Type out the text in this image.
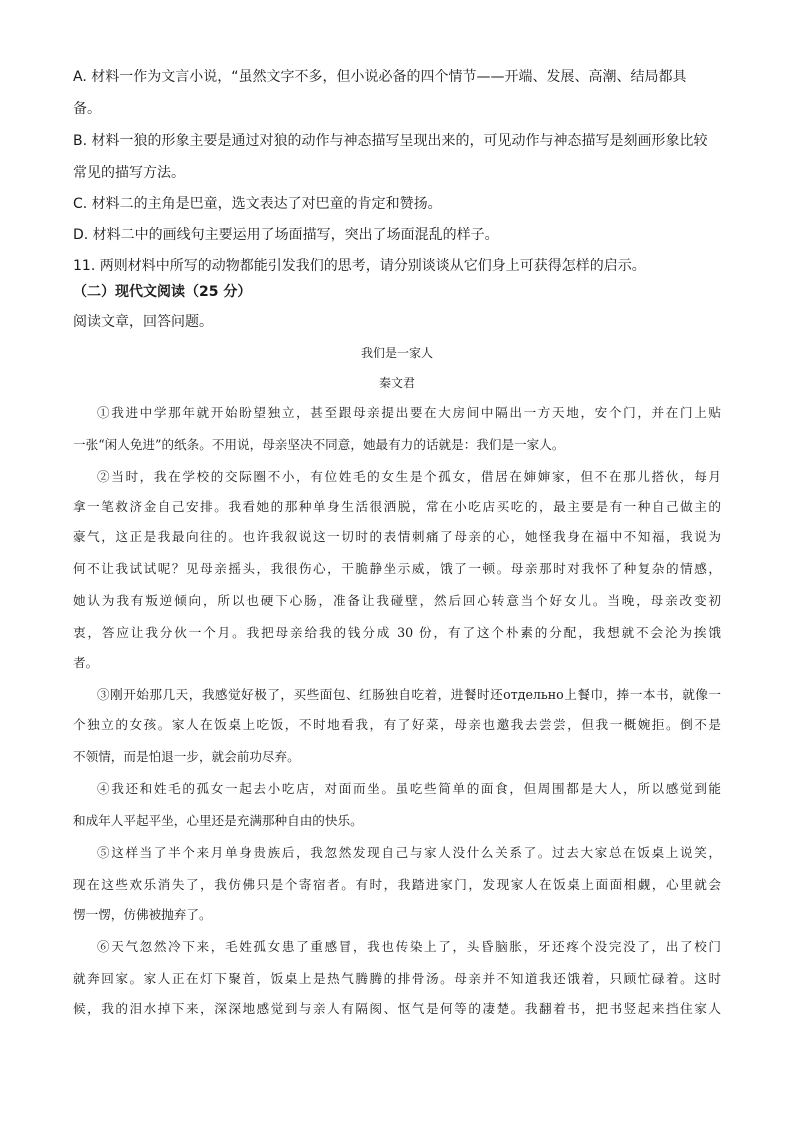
A. 材料一作为文言小说，“虽然文字不多，但小说必备的四个情节——开端、发展、高潮、结局都具
备。
B. 材料一狼的形象主要是通过对狼的动作与神态描写呈现出来的，可见动作与神态描写是刻画形象比较
常见的描写方法。
C. 材料二的主角是巴童，选文表达了对巴童的肯定和赞扬。
D. 材料二中的画线句主要运用了场面描写，突出了场面混乱的样子。
11. 两则材料中所写的动物都能引发我们的思考，请分别谈谈从它们身上可获得怎样的启示。
（二）现代文阅读（25 分）
阅读文章，回答问题。
我们是一家人
秦文君
①我进中学那年就开始盼望独立，甚至跟母亲提出要在大房间中隔出一方天地，安个门，并在门上贴
一张“闲人免进”的纸条。不用说，母亲坚决不同意，她最有力的话就是：我们是一家人。
②当时，我在学校的交际圈不小，有位姓毛的女生是个孤女，借居在婶婶家，但不在那儿搭伙，每月
拿一笔救济金自己安排。我看她的那种单身生活很洒脱，常在小吃店买吃的，最主要是有一种自己做主的
豪气，这正是我最向往的。也许我叙说这一切时的表情刺痛了母亲的心，她怪我身在福中不知福，我说为
何不让我试试呢？见母亲摇头，我很伤心，干脆静坐示威，饿了一顿。母亲那时对我怀了种复杂的情感，
她认为我有叛逆倾向，所以也硬下心肠，准备让我碰壁，然后回心转意当个好女儿。当晚，母亲改变初
衷，答应让我分伙一个月。我把母亲给我的钱分成 30 份，有了这个朴素的分配，我想就不会沦为挨饿
者。
③刚开始那几天，我感觉好极了，买些面包、红肠独自吃着，进餐时还отдельно上餐巾，捧一本书，就像一
个独立的女孩。家人在饭桌上吃饭，不时地看我，有了好菜，母亲也邀我去尝尝，但我一概婉拒。倒不是
不领情，而是怕退一步，就会前功尽弃。
④我还和姓毛的孤女一起去小吃店，对面而坐。虽吃些简单的面食，但周围都是大人，所以感觉到能
和成年人平起平坐，心里还是充满那种自由的快乐。
⑤这样当了半个来月单身贵族后，我忽然发现自己与家人没什么关系了。过去大家总在饭桌上说笑，
现在这些欢乐消失了，我仿佛只是个寄宿者。有时，我踏进家门，发现家人在饭桌上面面相觑，心里就会
愣一愣，仿佛被抛弃了。
⑥天气忽然冷下来，毛姓孤女患了重感冒，我也传染上了，头昏脑胀，牙还疼个没完没了，出了校门
就奔回家。家人正在灯下聚首，饭桌上是热气腾腾的排骨汤。母亲并不知道我还饿着，只顾忙碌着。这时
候，我的泪水掉下来，深深地感觉到与亲人有隔阂、怄气是何等的凄楚。我翻着书，把书竖起来挡住家人
